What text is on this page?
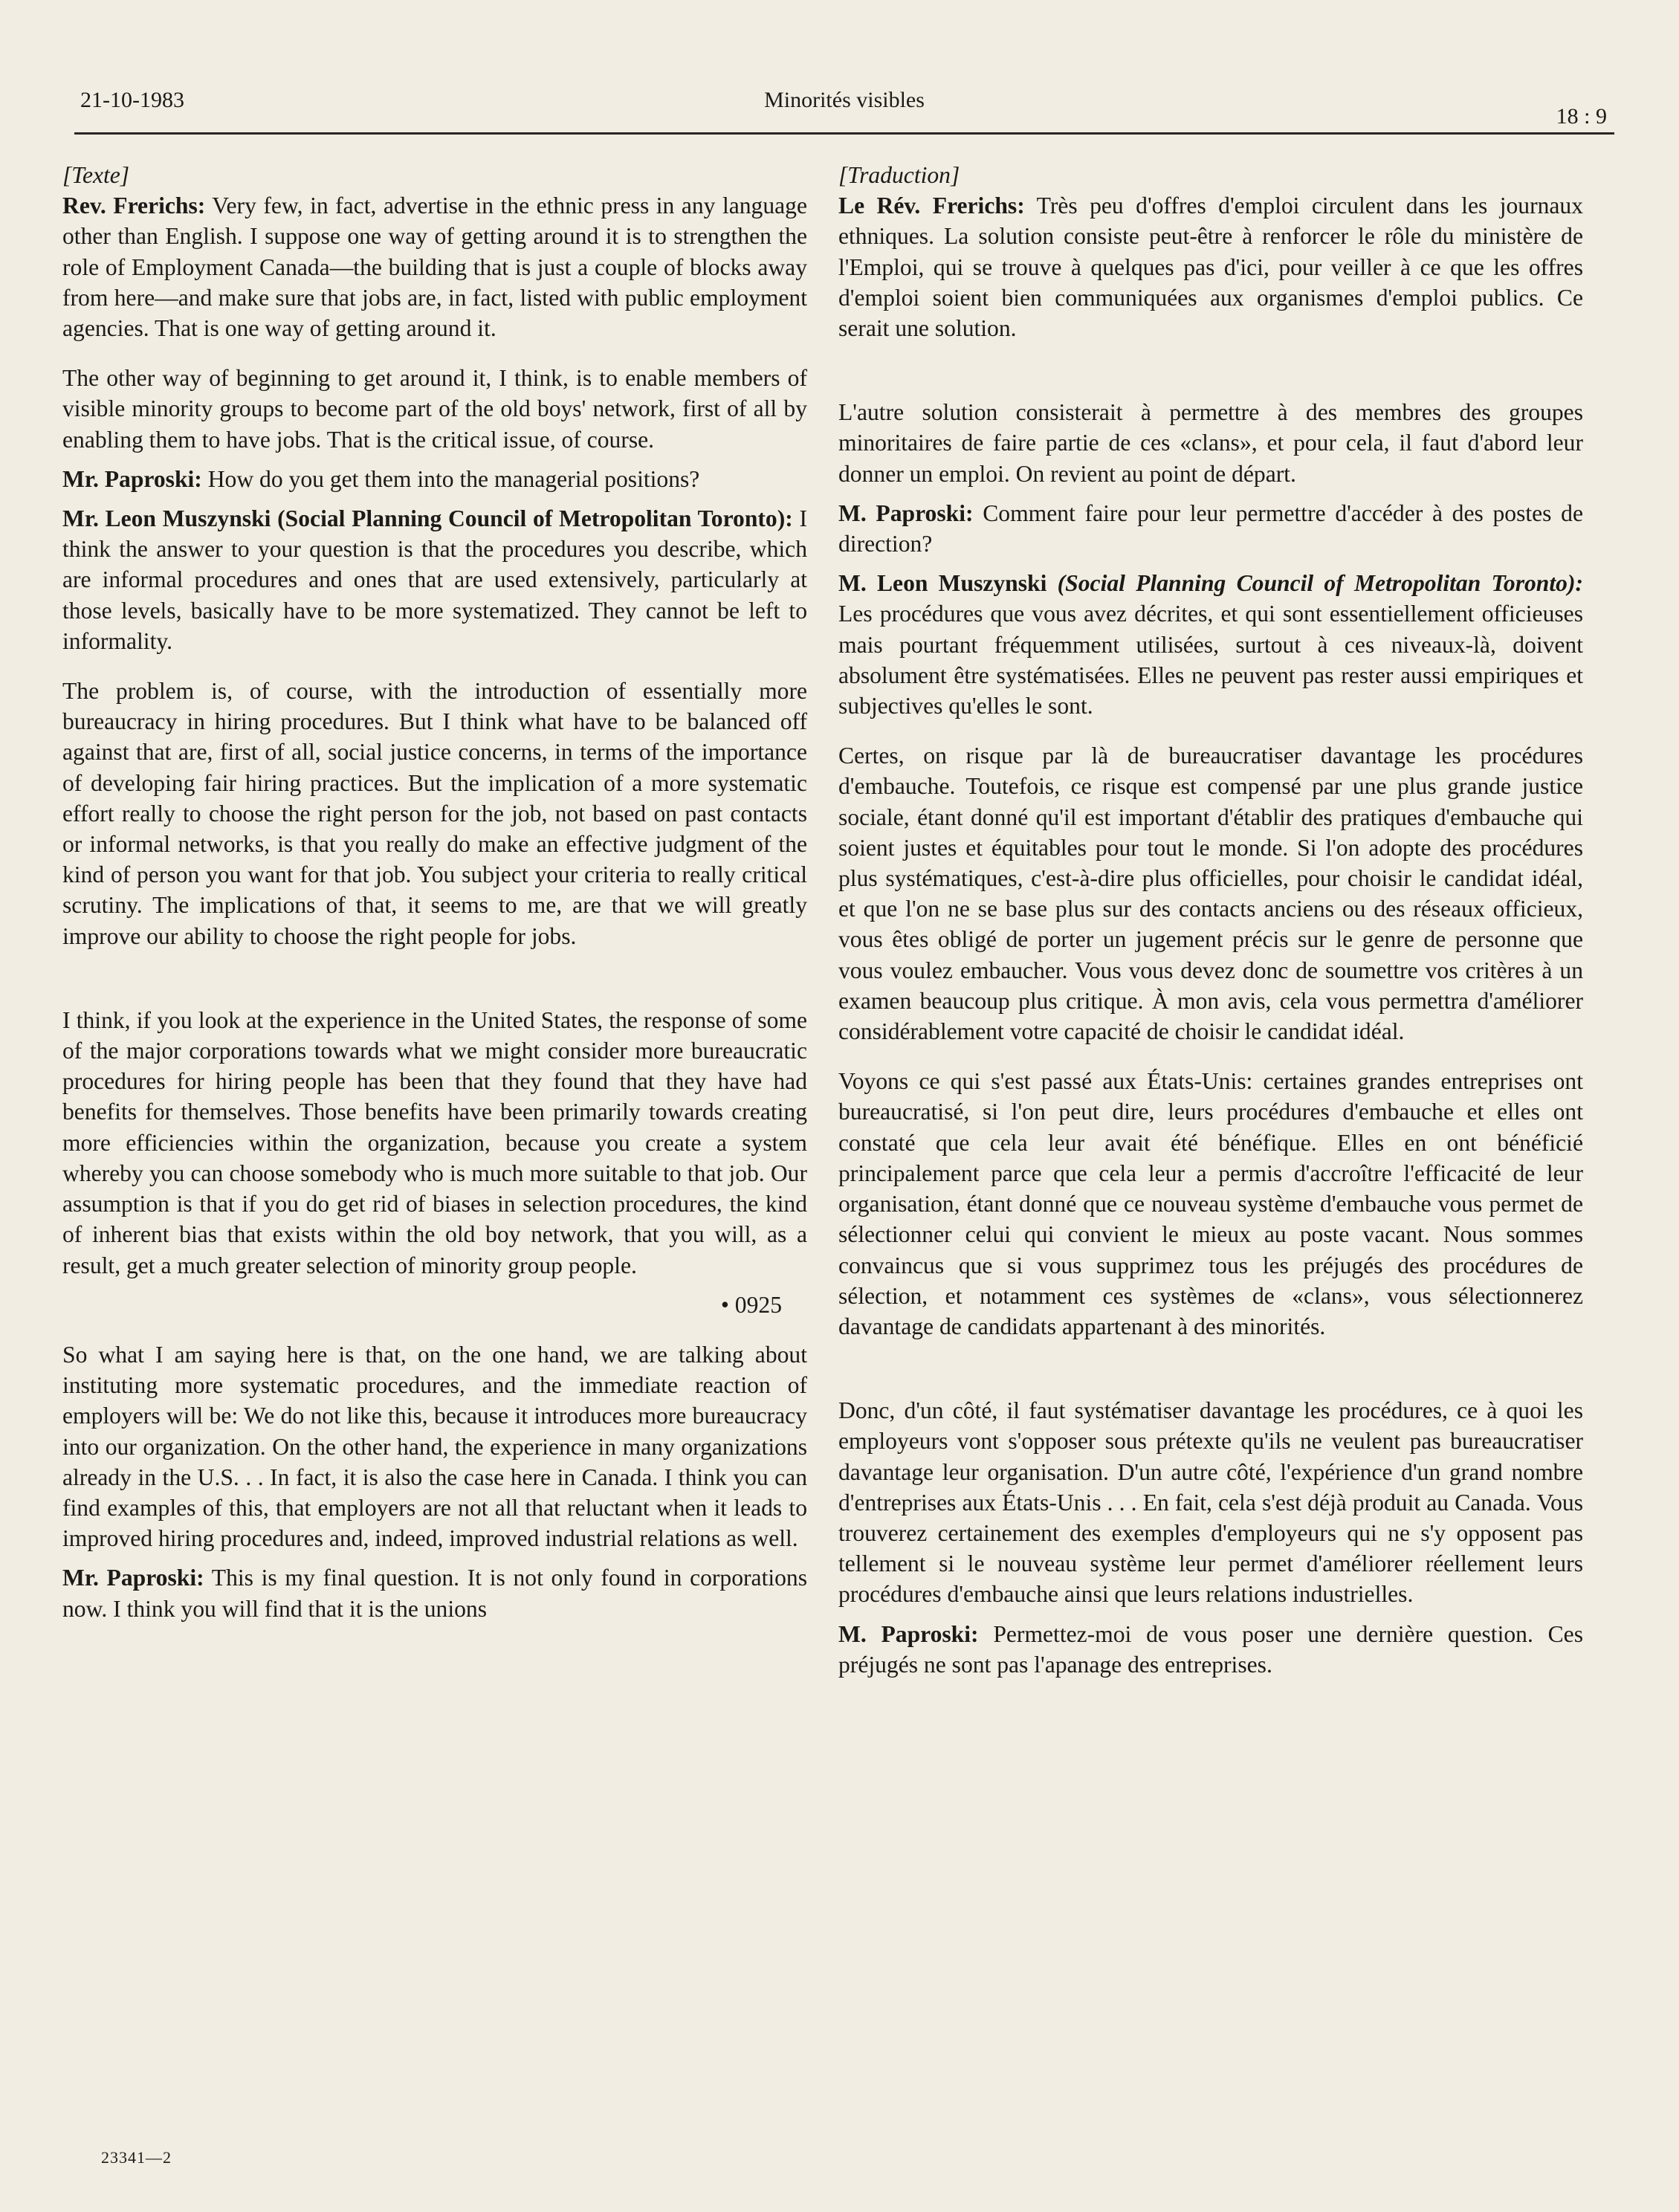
21-10-1983	Minorités visibles
18 : 9

[Texte]

Rev. Frerichs: Very few, in fact, advertise in the ethnic press in any language other than English. I suppose one way of getting around it is to strengthen the role of Employment Canada—the building that is just a couple of blocks away from here—and make sure that jobs are, in fact, listed with public employment agencies. That is one way of getting around it.

The other way of beginning to get around it, I think, is to enable members of visible minority groups to become part of the old boys' network, first of all by enabling them to have jobs. That is the critical issue, of course.

Mr. Paproski: How do you get them into the managerial positions?

Mr. Leon Muszynski (Social Planning Council of Metropolitan Toronto): I think the answer to your question is that the procedures you describe, which are informal procedures and ones that are used extensively, particularly at those levels, basically have to be more systematized. They cannot be left to informality.

The problem is, of course, with the introduction of essentially more bureaucracy in hiring procedures. But I think what have to be balanced off against that are, first of all, social justice concerns, in terms of the importance of developing fair hiring practices. But the implication of a more systematic effort really to choose the right person for the job, not based on past contacts or informal networks, is that you really do make an effective judgment of the kind of person you want for that job. You subject your criteria to really critical scrutiny. The implications of that, it seems to me, are that we will greatly improve our ability to choose the right people for jobs.

I think, if you look at the experience in the United States, the response of some of the major corporations towards what we might consider more bureaucratic procedures for hiring people has been that they found that they have had benefits for themselves. Those benefits have been primarily towards creating more efficiencies within the organization, because you create a system whereby you can choose somebody who is much more suitable to that job. Our assumption is that if you do get rid of biases in selection procedures, the kind of inherent bias that exists within the old boy network, that you will, as a result, get a much greater selection of minority group people.

• 0925

So what I am saying here is that, on the one hand, we are talking about instituting more systematic procedures, and the immediate reaction of employers will be: We do not like this, because it introduces more bureaucracy into our organization. On the other hand, the experience in many organizations already in the U.S. . . In fact, it is also the case here in Canada. I think you can find examples of this, that employers are not all that reluctant when it leads to improved hiring procedures and, indeed, improved industrial relations as well.

Mr. Paproski: This is my final question. It is not only found in corporations now. I think you will find that it is the unions

[Traduction]

Le Rév. Frerichs: Très peu d'offres d'emploi circulent dans les journaux ethniques. La solution consiste peut-être à renforcer le rôle du ministère de l'Emploi, qui se trouve à quelques pas d'ici, pour veiller à ce que les offres d'emploi soient bien communiquées aux organismes d'emploi publics. Ce serait une solution.

L'autre solution consisterait à permettre à des membres des groupes minoritaires de faire partie de ces «clans», et pour cela, il faut d'abord leur donner un emploi. On revient au point de départ.

M. Paproski: Comment faire pour leur permettre d'accéder à des postes de direction?

M. Leon Muszynski (Social Planning Council of Metropolitan Toronto): Les procédures que vous avez décrites, et qui sont essentiellement officieuses mais pourtant fréquemment utilisées, surtout à ces niveaux-là, doivent absolument être systématisées. Elles ne peuvent pas rester aussi empiriques et subjectives qu'elles le sont.

Certes, on risque par là de bureaucratiser davantage les procédures d'embauche. Toutefois, ce risque est compensé par une plus grande justice sociale, étant donné qu'il est important d'établir des pratiques d'embauche qui soient justes et équitables pour tout le monde. Si l'on adopte des procédures plus systématiques, c'est-à-dire plus officielles, pour choisir le candidat idéal, et que l'on ne se base plus sur des contacts anciens ou des réseaux officieux, vous êtes obligé de porter un jugement précis sur le genre de personne que vous voulez embaucher. Vous vous devez donc de soumettre vos critères à un examen beaucoup plus critique. À mon avis, cela vous permettra d'améliorer considérablement votre capacité de choisir le candidat idéal.

Voyons ce qui s'est passé aux États-Unis: certaines grandes entreprises ont bureaucratisé, si l'on peut dire, leurs procédures d'embauche et elles ont constaté que cela leur avait été bénéfique. Elles en ont bénéficié principalement parce que cela leur a permis d'accroître l'efficacité de leur organisation, étant donné que ce nouveau système d'embauche vous permet de sélectionner celui qui convient le mieux au poste vacant. Nous sommes convaincus que si vous supprimez tous les préjugés des procédures de sélection, et notamment ces systèmes de «clans», vous sélectionnerez davantage de candidats appartenant à des minorités.

Donc, d'un côté, il faut systématiser davantage les procédures, ce à quoi les employeurs vont s'opposer sous prétexte qu'ils ne veulent pas bureaucratiser davantage leur organisation. D'un autre côté, l'expérience d'un grand nombre d'entreprises aux États-Unis . . . En fait, cela s'est déjà produit au Canada. Vous trouverez certainement des exemples d'employeurs qui ne s'y opposent pas tellement si le nouveau système leur permet d'améliorer réellement leurs procédures d'embauche ainsi que leurs relations industrielles.

M. Paproski: Permettez-moi de vous poser une dernière question. Ces préjugés ne sont pas l'apanage des entreprises.

23341—2
